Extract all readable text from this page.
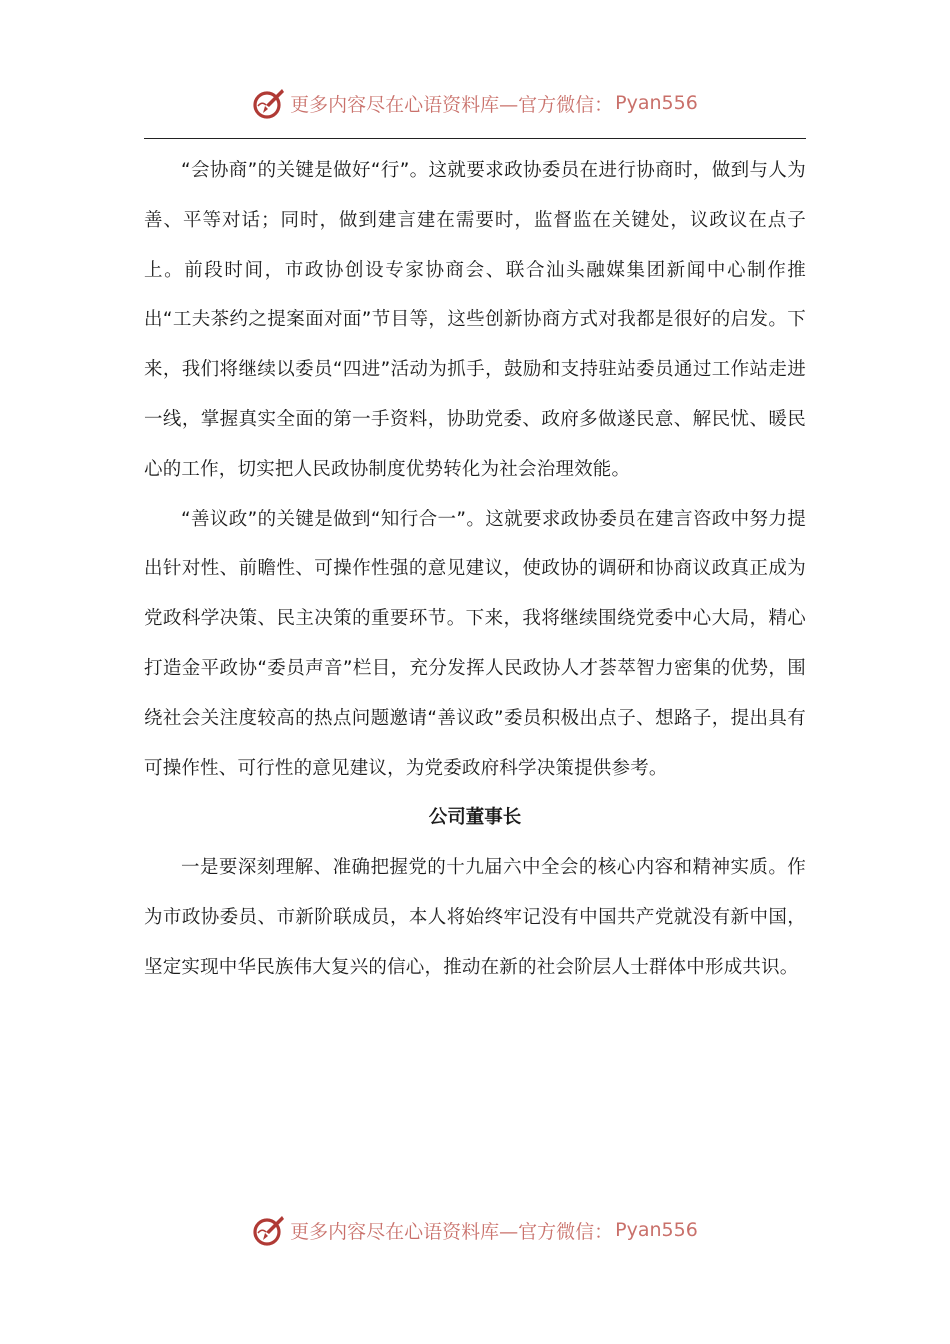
更多内容尽在心语资料库—官方微信： Pyan556

“会协商”的关键是做好“行”。这就要求政协委员在进行协商时，做到与人为善、平等对话；同时，做到建言建在需要时，监督监在关键处，议政议在点子上。前段时间，市政协创设专家协商会、联合汕头融媒集团新闻中心制作推出“工夫茶约之提案面对面”节目等，这些创新协商方式对我都是很好的启发。下来，我们将继续以委员“四进”活动为抓手，鼓励和支持驻站委员通过工作站走进一线，掌握真实全面的第一手资料，协助党委、政府多做遂民意、解民忧、暖民心的工作，切实把人民政协制度优势转化为社会治理效能。

“善议政”的关键是做到“知行合一”。这就要求政协委员在建言咨政中努力提出针对性、前瞻性、可操作性强的意见建议，使政协的调研和协商议政真正成为党政科学决策、民主决策的重要环节。下来，我将继续围绕党委中心大局，精心打造金平政协“委员声音”栏目，充分发挥人民政协人才荟萃智力密集的优势，围绕社会关注度较高的热点问题邀请“善议政”委员积极出点子、想路子，提出具有可操作性、可行性的意见建议，为党委政府科学决策提供参考。

公司董事长

一是要深刻理解、准确把握党的十九届六中全会的核心内容和精神实质。作为市政协委员、市新阶联成员，本人将始终牢记没有中国共产党就没有新中国，坚定实现中华民族伟大复兴的信心，推动在新的社会阶层人士群体中形成共识。

更多内容尽在心语资料库—官方微信： Pyan556
